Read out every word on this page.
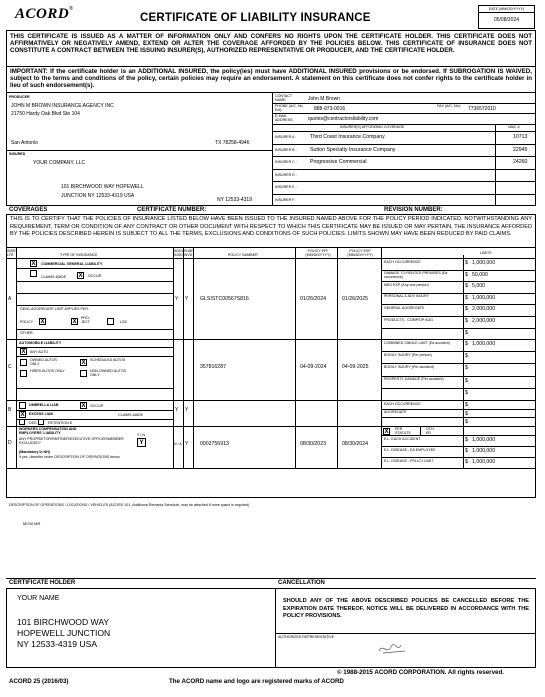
ACORD®
CERTIFICATE OF LIABILITY INSURANCE
DATE (MM/DD/YYYY)
05/08/2024
THIS CERTIFICATE IS ISSUED AS A MATTER OF INFORMATION ONLY AND CONFERS NO RIGHTS UPON THE CERTIFICATE HOLDER. THIS CERTIFICATE DOES NOT AFFIRMATIVELY OR NEGATIVELY AMEND, EXTEND OR ALTER THE COVERAGE AFFORDED BY THE POLICIES BELOW. THIS CERTIFICATE OF INSURANCE DOES NOT CONSTITUTE A CONTRACT BETWEEN THE ISSUING INSURER(S), AUTHORIZED REPRESENTATIVE OR PRODUCER, AND THE CERTIFICATE HOLDER.
IMPORTANT: If the certificate holder is an ADDITIONAL INSURED, the policy(ies) must have ADDITIONAL INSURED provisions or be endorsed. If SUBROGATION IS WAIVED, subject to the terms and conditions of the policy, certain policies may require an endorsement. A statement on this certificate does not confer rights to the certificate holder in lieu of such endorsement(s).
PRODUCER
JOHN M BROWN INSURANCE AGENCY INC
21750 Hardy Oak Blvd Ste 104
San Antonio	TX 78258-4946
CONTACT NAME:	John M Brown
PHONE (A/C, No, Ext):	888-973-0016	FAX (A/C, No):	7736572010
E-MAIL ADDRESS:	quotes@contractorsliability.com
INSURER(S) AFFORDING COVERAGE	NAIC #
INSURER A :	Third Coast Insurance Company	10713
INSURER B :	Sutton Specialty Insurance Company	22945
INSURER C :	Progressive Commercial	24260
INSURER D :
INSURER E :
INSURER F :
INSURED
YOUR COMPANY, LLC
101 BIRCHWOOD WAY HOPEWELL
JUNCTION NY 12533-4319 USA
NY 12533-4319
COVERAGES	CERTIFICATE NUMBER:	REVISION NUMBER:
THIS IS TO CERTIFY THAT THE POLICIES OF INSURANCE LISTED BELOW HAVE BEEN ISSUED TO THE INSURED NAMED ABOVE FOR THE POLICY PERIOD INDICATED. NOTWITHSTANDING ANY REQUIREMENT, TERM OR CONDITION OF ANY CONTRACT OR OTHER DOCUMENT WITH RESPECT TO WHICH THIS CERTIFICATE MAY BE ISSUED OR MAY PERTAIN, THE INSURANCE AFFORDED BY THE POLICIES DESCRIBED HEREIN IS SUBJECT TO ALL THE TERMS, EXCLUSIONS AND CONDITIONS OF SUCH POLICIES. LIMITS SHOWN MAY HAVE BEEN REDUCED BY PAID CLAIMS.
INSR LTR	TYPE OF INSURANCE
ADDL INSD
SUBR WVD	POLICY NUMBER
POLICY EFF (MM/DD/YYYY)
POLICY EXP (MM/DD/YYYY)
LIMITS
A
X	COMMERCIAL GENERAL LIABILITY
CLAIMS-MADE X	OCCUR
GEN'L AGGREGATE LIMIT APPLIES PER:
X
POLICY	X
PRO-JECT	LOC
OTHER:
Y Y GLSISTC00567S816	01/26/2024	01/26/2025
EACH OCCURRENCE	$ 1,000,000
DAMAGE TO RENTED PREMISES (Ea occurrence)	$ 50,000
MED EXP (Any one person)	$ 5,000
PERSONAL & ADV INJURY	$ 1,000,000
GENERAL AGGREGATE	$ 2,000,000
PRODUCTS - COMP/OP AGG	$ 2,000,000
$
C
AUTOMOBILE LIABILITY
X	ANY AUTO
OWNED AUTOS ONLY	X	SCHEDULED AUTOS
HIRED AUTOS ONLY	NON-OWNED AUTOS ONLY
357816287	04-09-2024	04-09-2025
COMBINED SINGLE LIMIT (Ea accident)	$ 1,000,000
BODILY INJURY (Per person)	$
BODILY INJURY (Per accident)	$
PROPERTY DAMAGE (Per accident)	$
$
B
UMBRELLA LIAB	X	OCCUR
X	EXCESS LIAB	CLAIMS-MADE
DED	RETENTION $
Y Y
EACH OCCURRENCE	$
AGGREGATE	$
$
D
WORKERS COMPENSATION AND EMPLOYERS' LIABILITY	Y / N
ANY PROPRIETOR/PARTNER/EXECUTIVE OFFICER/MEMBER EXCLUDED?	Y
(Mandatory in NH)
If yes, describe under DESCRIPTION OF OPERATIONS below
N / A Y 0002756913	08/30/2023	08/30/2024
X	PER STATUTE
OTH-ER
E.L. EACH ACCIDENT	$ 1,000,000
E.L. DISEASE - EA EMPLOYEE	$ 1,000,000
E.L. DISEASE - POLICY LIMIT	$ 1,000,000
DESCRIPTION OF OPERATIONS / LOCATIONS / VEHICLES (ACORD 101, Additional Remarks Schedule, may be attached if more space is required)
MCW MR
CERTIFICATE HOLDER	CANCELLATION
YOUR NAME
101 BIRCHWOOD WAY
HOPEWELL JUNCTION
NY 12533-4319 USA
SHOULD ANY OF THE ABOVE DESCRIBED POLICIES BE CANCELLED BEFORE THE EXPIRATION DATE THEREOF, NOTICE WILL BE DELIVERED IN ACCORDANCE WITH THE POLICY PROVISIONS.
AUTHORIZED REPRESENTATIVE
© 1988-2015 ACORD CORPORATION. All rights reserved.
ACORD 25 (2016/03)	The ACORD name and logo are registered marks of ACORD
